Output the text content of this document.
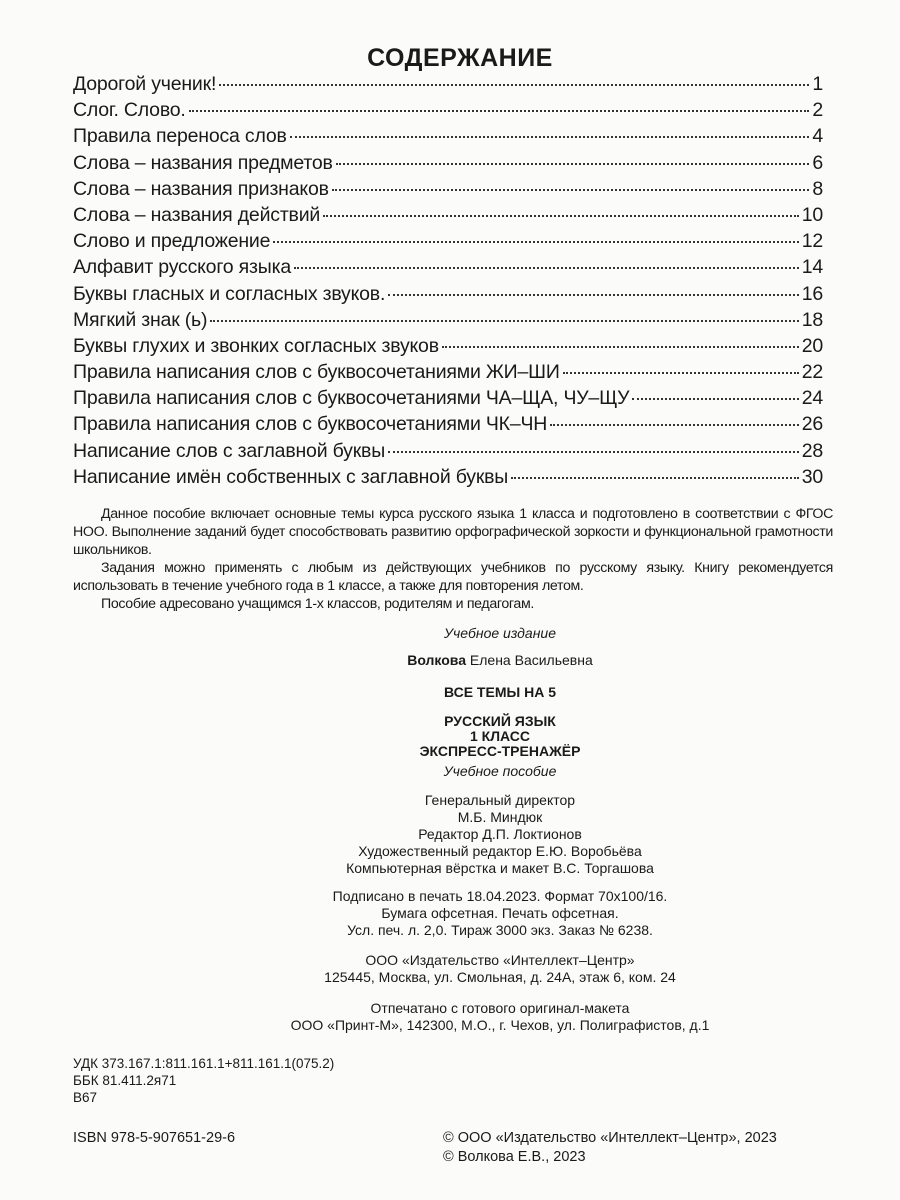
СОДЕРЖАНИЕ
Дорогой ученик!	1
Слог. Слово.	2
Правила переноса слов	4
Слова – названия предметов	6
Слова – названия признаков	8
Слова – названия действий	10
Слово и предложение	12
Алфавит русского языка	14
Буквы гласных и согласных звуков.	16
Мягкий знак (ь)	18
Буквы глухих и звонких согласных звуков	20
Правила написания слов с буквосочетаниями ЖИ–ШИ	22
Правила написания слов с буквосочетаниями ЧА–ЩА, ЧУ–ЩУ	24
Правила написания слов с буквосочетаниями ЧК–ЧН	26
Написание слов с заглавной буквы	28
Написание имён собственных с заглавной буквы	30

Данное пособие включает основные темы курса русского языка 1 класса и подготовлено в соответствии с ФГОС НОО. Выполнение заданий будет способствовать развитию орфографической зоркости и функциональной грамотности школьников.

Задания можно применять с любым из действующих учебников по русскому языку. Книгу рекомендуется использовать в течение учебного года в 1 классе, а также для повторения летом.

Пособие адресовано учащимся 1-х классов, родителям и педагогам.

Учебное издание
Волкова Елена Васильевна
ВСЕ ТЕМЫ НА 5
РУССКИЙ ЯЗЫК
1 КЛАСС
ЭКСПРЕСС-ТРЕНАЖЁР
Учебное пособие
Генеральный директор
М.Б. Миндюк
Редактор Д.П. Локтионов
Художественный редактор Е.Ю. Воробьёва
Компьютерная вёрстка и макет В.С. Торгашова
Подписано в печать 18.04.2023. Формат 70x100/16.
Бумага офсетная. Печать офсетная.
Усл. печ. л. 2,0. Тираж 3000 экз. Заказ № 6238.
ООО «Издательство «Интеллект–Центр»
125445, Москва, ул. Смольная, д. 24А, этаж 6, ком. 24
Отпечатано с готового оригинал-макета
ООО «Принт-М», 142300, М.О., г. Чехов, ул. Полиграфистов, д.1
УДК 373.167.1:811.161.1+811.161.1(075.2)
ББК 81.411.2я71
В67
ISBN 978-5-907651-29-6	© ООО «Издательство «Интеллект–Центр», 2023
© Волкова Е.В., 2023
